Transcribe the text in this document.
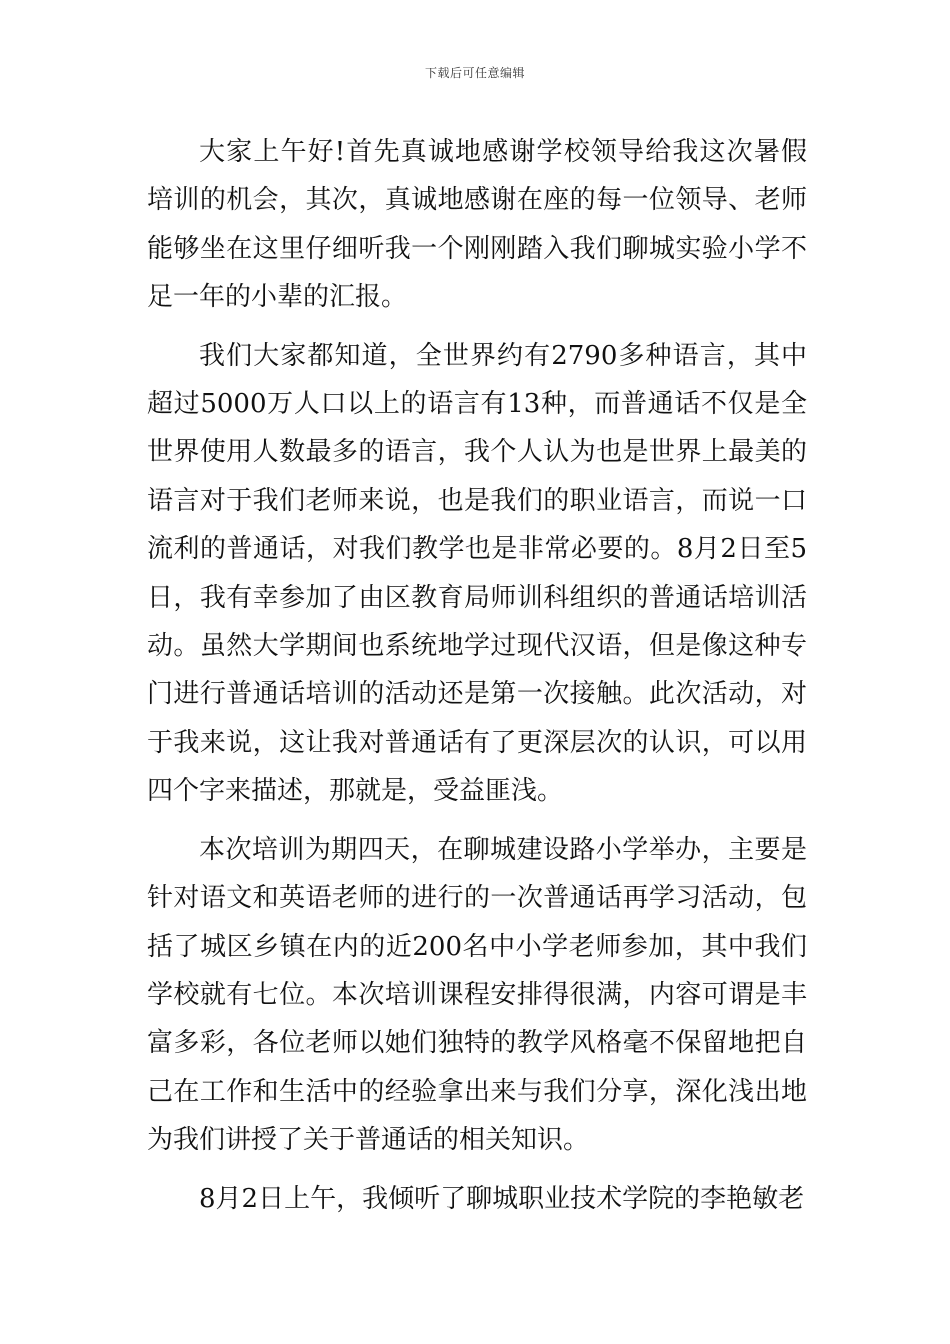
下载后可任意编辑

大家上午好!首先真诚地感谢学校领导给我这次暑假培训的机会，其次，真诚地感谢在座的每一位领导、老师能够坐在这里仔细听我一个刚刚踏入我们聊城实验小学不足一年的小辈的汇报。

我们大家都知道，全世界约有2790多种语言，其中超过5000万人口以上的语言有13种，而普通话不仅是全世界使用人数最多的语言，我个人认为也是世界上最美的语言对于我们老师来说，也是我们的职业语言，而说一口流利的普通话，对我们教学也是非常必要的。8月2日至5日，我有幸参加了由区教育局师训科组织的普通话培训活动。虽然大学期间也系统地学过现代汉语，但是像这种专门进行普通话培训的活动还是第一次接触。此次活动，对于我来说，这让我对普通话有了更深层次的认识，可以用四个字来描述，那就是，受益匪浅。

本次培训为期四天，在聊城建设路小学举办，主要是针对语文和英语老师的进行的一次普通话再学习活动，包括了城区乡镇在内的近200名中小学老师参加，其中我们学校就有七位。本次培训课程安排得很满，内容可谓是丰富多彩，各位老师以她们独特的教学风格毫不保留地把自己在工作和生活中的经验拿出来与我们分享，深化浅出地为我们讲授了关于普通话的相关知识。

8月2日上午，我倾听了聊城职业技术学院的李艳敏老
